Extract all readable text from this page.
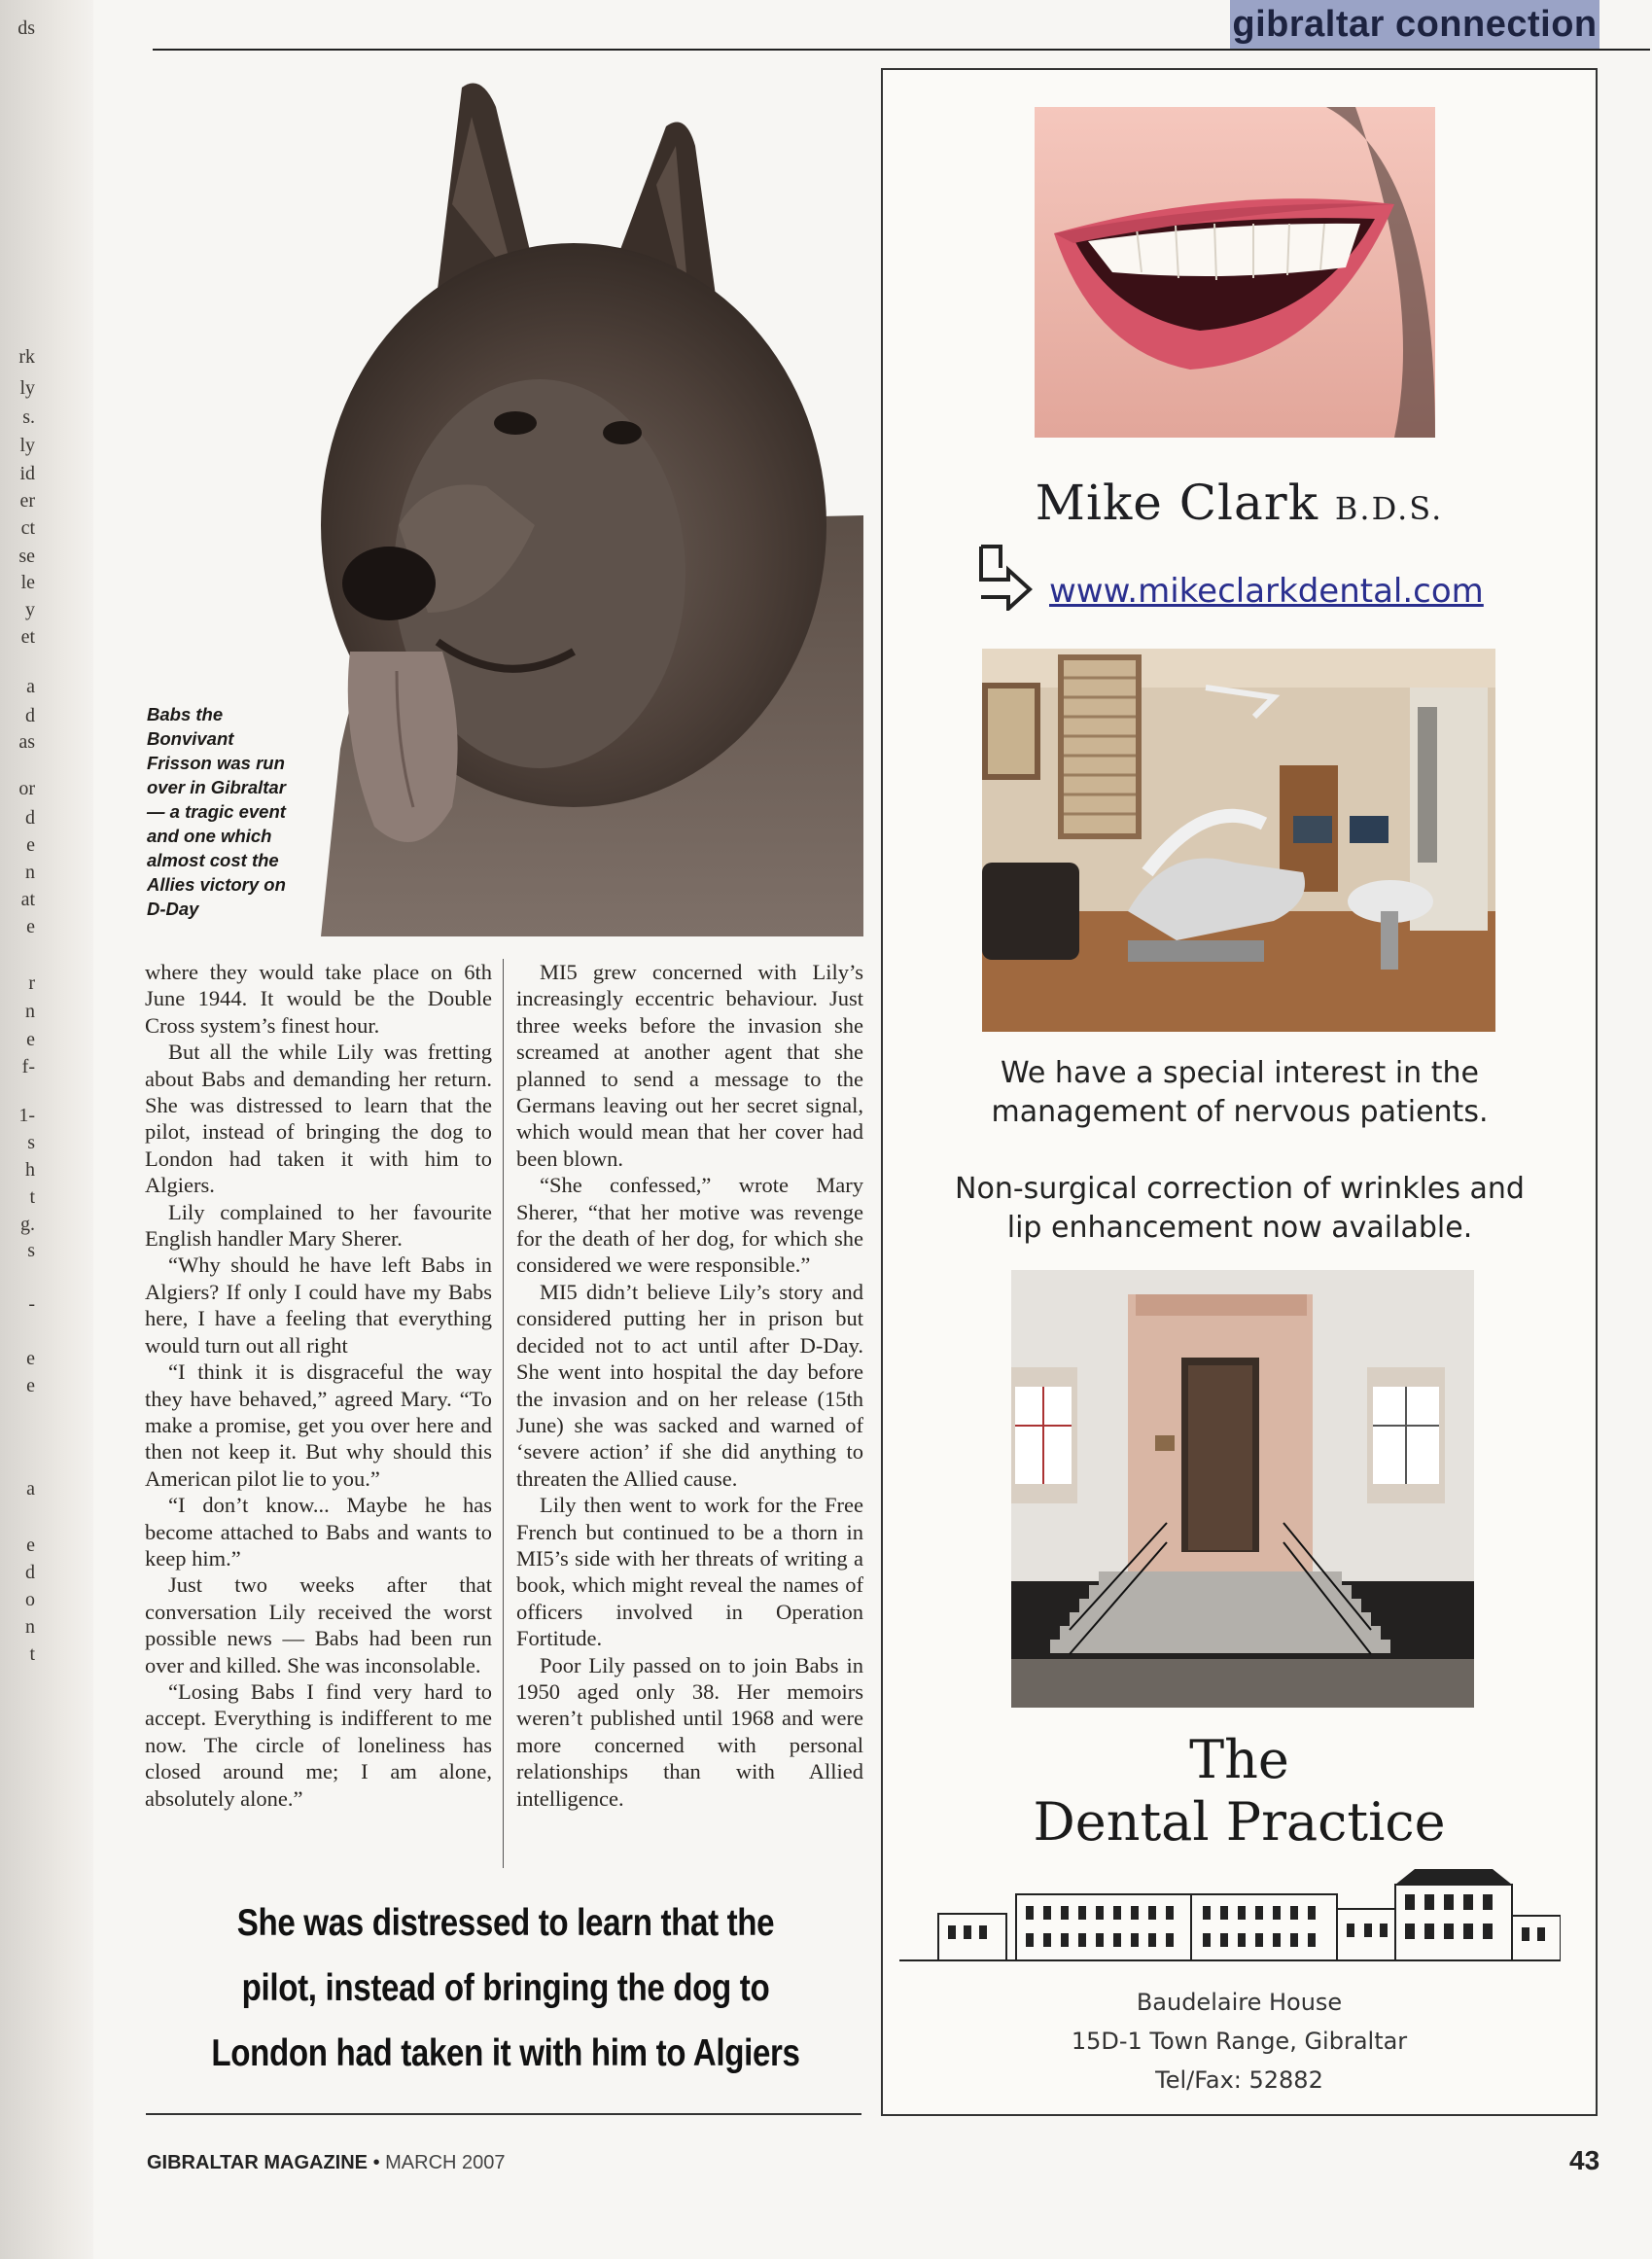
ds
rk
ly
s.
ly
id
er
ct
se
le
y
et
a
d
as
or
d
e
n
at
e
r
n
e
f-
1-
s
h
t
g.
s
-
e
e
a
e
d
o
n
t
gibraltar connection
Babs the Bonvivant Frisson was run over in Gibraltar — a tragic event and one which almost cost the Allies victory on D-Day

where they would take place on 6th June 1944. It would be the Double Cross system’s finest hour.

But all the while Lily was fretting about Babs and demanding her return. She was distressed to learn that the pilot, instead of bringing the dog to London had taken it with him to Algiers.

Lily complained to her favourite English handler Mary Sherer.

“Why should he have left Babs in Algiers? If only I could have my Babs here, I have a feeling that everything would turn out all right

“I think it is disgraceful the way they have behaved,” agreed Mary. “To make a promise, get you over here and then not keep it. But why should this American pilot lie to you.”

“I don’t know... Maybe he has become attached to Babs and wants to keep him.”

Just two weeks after that conversation Lily received the worst possible news — Babs had been run over and killed. She was inconsolable.

“Losing Babs I find very hard to accept. Everything is indifferent to me now. The circle of loneliness has closed around me; I am alone, absolutely alone.”

MI5 grew concerned with Lily’s increasingly eccentric behaviour. Just three weeks before the invasion she screamed at another agent that she planned to send a message to the Germans leaving out her secret signal, which would mean that her cover had been blown.

“She confessed,” wrote Mary Sherer, “that her motive was revenge for the death of her dog, for which she considered we were responsible.”

MI5 didn’t believe Lily’s story and considered putting her in prison but decided not to act until after D-Day. She went into hospital the day before the invasion and on her release (15th June) she was sacked and warned of ‘severe action’ if she did anything to threaten the Allied cause.

Lily then went to work for the Free French but continued to be a thorn in MI5’s side with her threats of writing a book, which might reveal the names of officers involved in Operation Fortitude.

Poor Lily passed on to join Babs in 1950 aged only 38. Her memoirs weren’t published until 1968 and were more concerned with personal relationships than with Allied intelligence.

She was distressed to learn that the pilot, instead of bringing the dog to London had taken it with him to Algiers
GIBRALTAR MAGAZINE • MARCH 2007	43
Mike Clark B.D.S.
www.mikeclarkdental.com
We have a special interest in the management of nervous patients.
Non-surgical correction of wrinkles and lip enhancement now available.
The
Dental Practice
Baudelaire House
15D-1 Town Range, Gibraltar
Tel/Fax: 52882
